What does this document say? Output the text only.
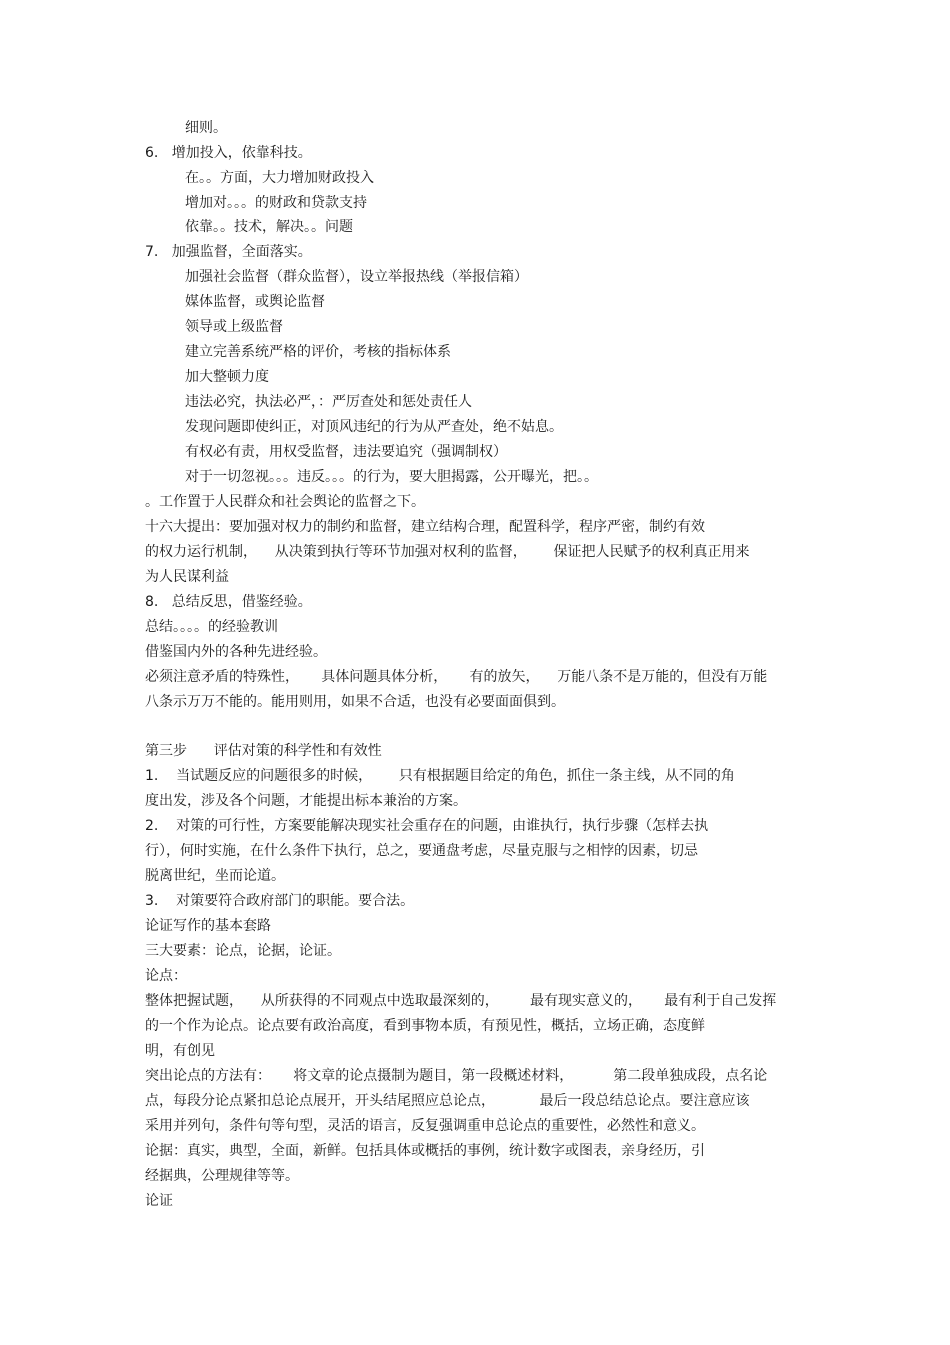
细则。
6.   增加投入，依靠科技。
在。。方面，大力增加财政投入
增加对。。。的财政和贷款支持
依靠。。技术，解决。。问题
7.   加强监督，全面落实。
加强社会监督（群众监督），设立举报热线（举报信箱）
媒体监督，或舆论监督
领导或上级监督
建立完善系统严格的评价，考核的指标体系
加大整顿力度
违法必究，执法必严，：严厉查处和惩处责任人
发现问题即使纠正，对顶风违纪的行为从严查处，绝不姑息。
有权必有责，用权受监督，违法要追究（强调制权）
对于一切忽视。。。违反。。。的行为，要大胆揭露，公开曝光，把。。
。工作置于人民群众和社会舆论的监督之下。
十六大提出：要加强对权力的制约和监督，建立结构合理，配置科学，程序严密，制约有效
的权力运行机制，    从决策到执行等环节加强对权利的监督，      保证把人民赋予的权利真正用来
为人民谋利益
8.   总结反思，借鉴经验。
总结。。。。的经验教训
借鉴国内外的各种先进经验。
必须注意矛盾的特殊性，     具体问题具体分析，     有的放矢，    万能八条不是万能的，但没有万能
八条示万万不能的。能用则用，如果不合适，也没有必要面面俱到。
第三步      评估对策的科学性和有效性
1.    当试题反应的问题很多的时候，      只有根据题目给定的角色，抓住一条主线，从不同的角
度出发，涉及各个问题，才能提出标本兼治的方案。
2.    对策的可行性，方案要能解决现实社会重存在的问题，由谁执行，执行步骤（怎样去执
行），何时实施，在什么条件下执行，总之，要通盘考虑，尽量克服与之相悖的因素，切忌
脱离世纪，坐而论道。
3.    对策要符合政府部门的职能。要合法。
论证写作的基本套路
三大要素：论点，论据，论证。
论点：
整体把握试题，    从所获得的不同观点中选取最深刻的，       最有现实意义的，     最有利于自己发挥
的一个作为论点。论点要有政治高度，看到事物本质，有预见性，概括，立场正确，态度鲜
明，有创见
突出论点的方法有：     将文章的论点摄制为题目，第一段概述材料，         第二段单独成段，点名论
点，每段分论点紧扣总论点展开，开头结尾照应总论点，          最后一段总结总论点。要注意应该
采用并列句，条件句等句型，灵活的语言，反复强调重申总论点的重要性，必然性和意义。
论据：真实，典型，全面，新鲜。包括具体或概括的事例，统计数字或图表，亲身经历，引
经据典，公理规律等等。
论证
